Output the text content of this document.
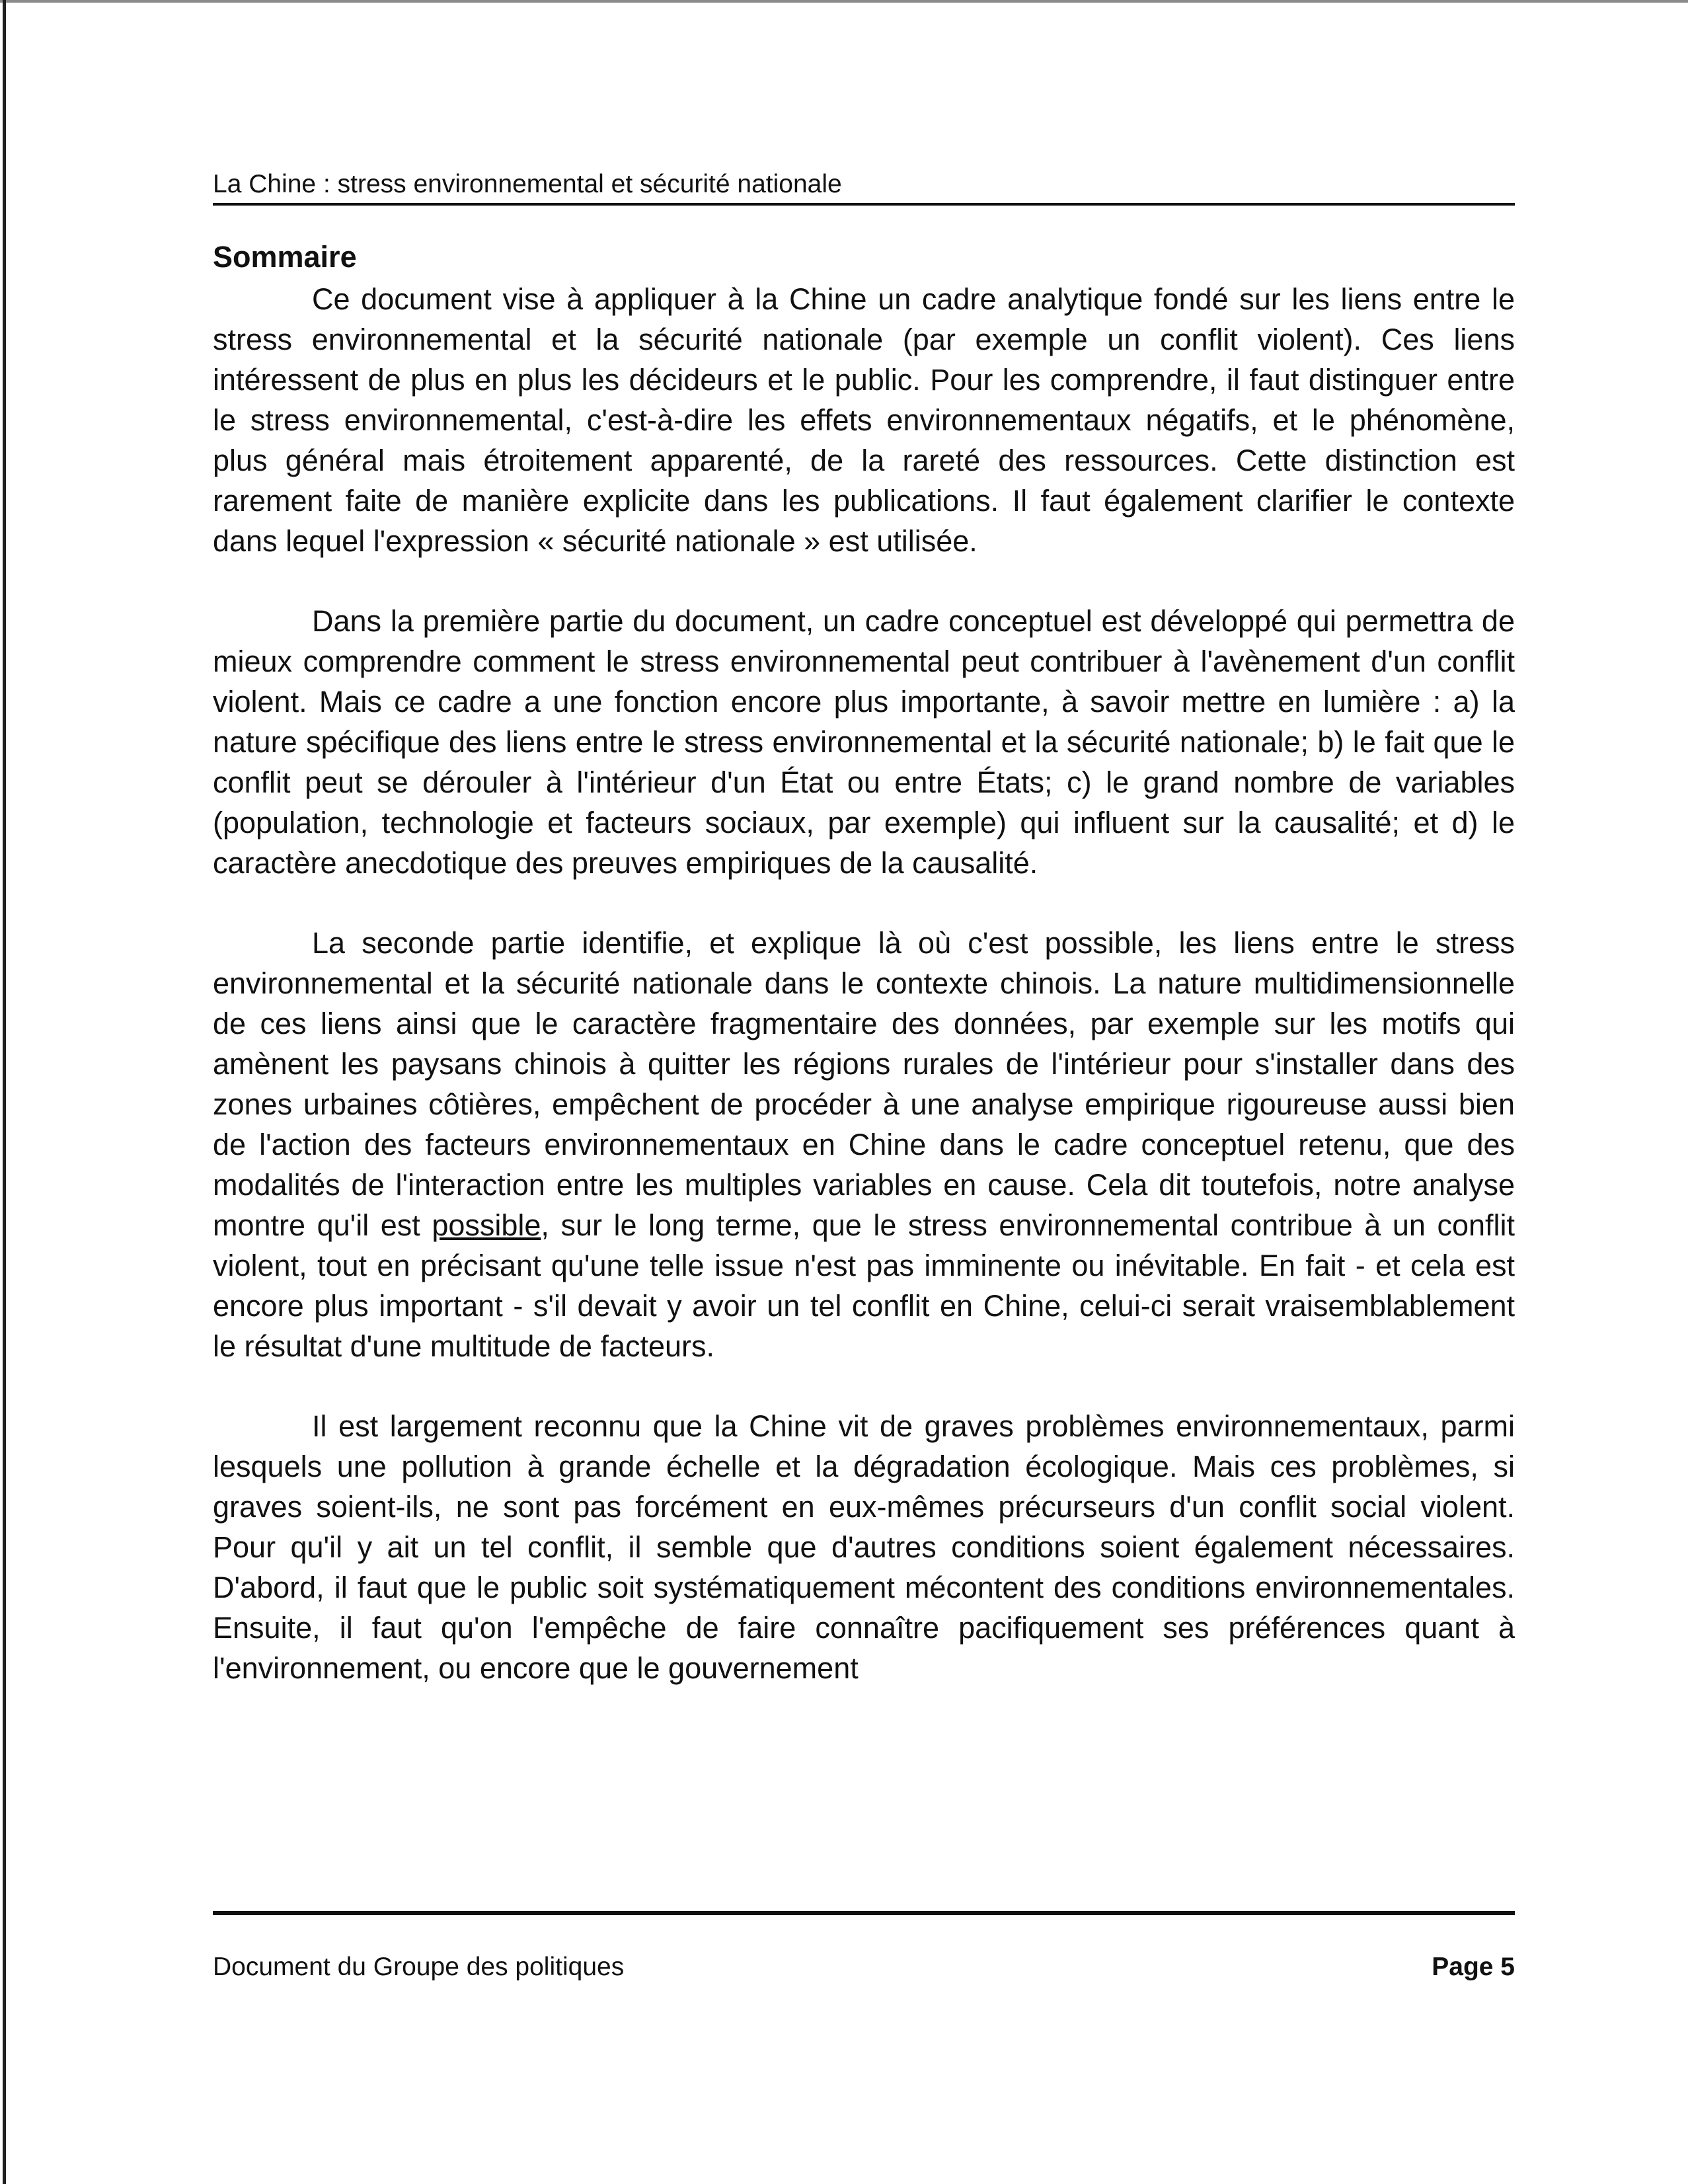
La Chine : stress environnemental et sécurité nationale
Sommaire

Ce document vise à appliquer à la Chine un cadre analytique fondé sur les liens entre le stress environnemental et la sécurité nationale (par exemple un conflit violent). Ces liens intéressent de plus en plus les décideurs et le public. Pour les comprendre, il faut distinguer entre le stress environnemental, c'est-à-dire les effets environnementaux négatifs, et le phénomène, plus général mais étroitement apparenté, de la rareté des ressources. Cette distinction est rarement faite de manière explicite dans les publications. Il faut également clarifier le contexte dans lequel l'expression « sécurité nationale » est utilisée.

Dans la première partie du document, un cadre conceptuel est développé qui permettra de mieux comprendre comment le stress environnemental peut contribuer à l'avènement d'un conflit violent. Mais ce cadre a une fonction encore plus importante, à savoir mettre en lumière : a) la nature spécifique des liens entre le stress environnemental et la sécurité nationale; b) le fait que le conflit peut se dérouler à l'intérieur d'un État ou entre États; c) le grand nombre de variables (population, technologie et facteurs sociaux, par exemple) qui influent sur la causalité; et d) le caractère anecdotique des preuves empiriques de la causalité.

La seconde partie identifie, et explique là où c'est possible, les liens entre le stress environnemental et la sécurité nationale dans le contexte chinois. La nature multidimensionnelle de ces liens ainsi que le caractère fragmentaire des données, par exemple sur les motifs qui amènent les paysans chinois à quitter les régions rurales de l'intérieur pour s'installer dans des zones urbaines côtières, empêchent de procéder à une analyse empirique rigoureuse aussi bien de l'action des facteurs environnementaux en Chine dans le cadre conceptuel retenu, que des modalités de l'interaction entre les multiples variables en cause. Cela dit toutefois, notre analyse montre qu'il est possible, sur le long terme, que le stress environnemental contribue à un conflit violent, tout en précisant qu'une telle issue n'est pas imminente ou inévitable. En fait - et cela est encore plus important - s'il devait y avoir un tel conflit en Chine, celui-ci serait vraisemblablement le résultat d'une multitude de facteurs.

Il est largement reconnu que la Chine vit de graves problèmes environnementaux, parmi lesquels une pollution à grande échelle et la dégradation écologique. Mais ces problèmes, si graves soient-ils, ne sont pas forcément en eux-mêmes précurseurs d'un conflit social violent. Pour qu'il y ait un tel conflit, il semble que d'autres conditions soient également nécessaires. D'abord, il faut que le public soit systématiquement mécontent des conditions environnementales. Ensuite, il faut qu'on l'empêche de faire connaître pacifiquement ses préférences quant à l'environnement, ou encore que le gouvernement

Document du Groupe des politiques	Page 5
